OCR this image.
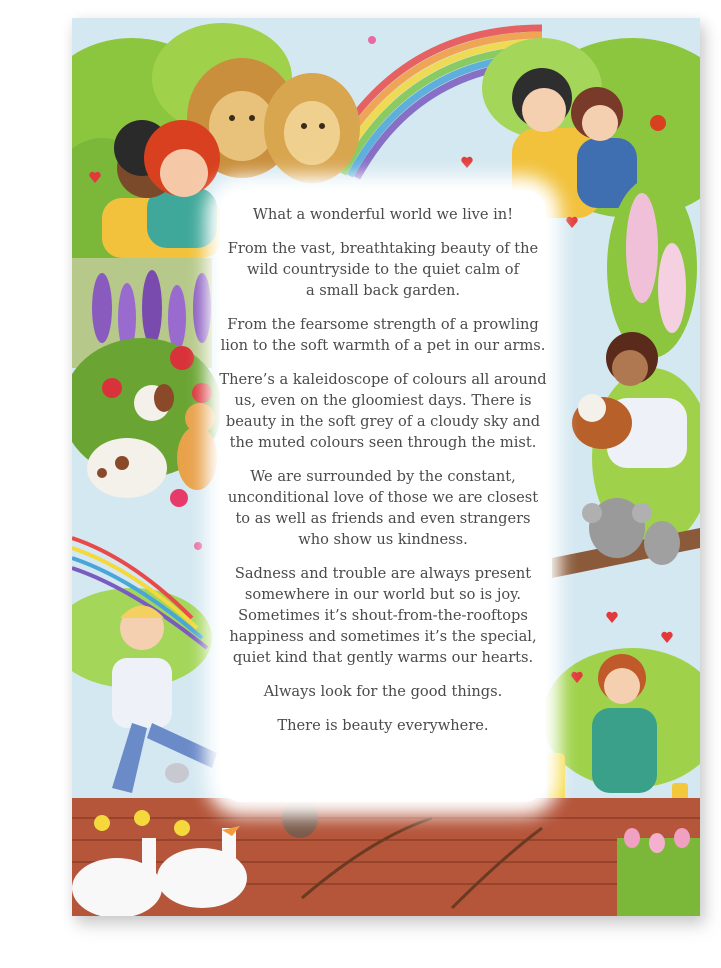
What a wonderful world we live in!

From the vast, breathtaking beauty of the
wild countryside to the quiet calm of
a small back garden.

From the fearsome strength of a prowling
lion to the soft warmth of a pet in our arms.

There’s a kaleidoscope of colours all around
us, even on the gloomiest days. There is
beauty in the soft grey of a cloudy sky and
the muted colours seen through the mist.

We are surrounded by the constant,
unconditional love of those we are closest
to as well as friends and even strangers
who show us kindness.

Sadness and trouble are always present
somewhere in our world but so is joy.
Sometimes it’s shout-from-the-rooftops
happiness and sometimes it’s the special,
quiet kind that gently warms our hearts.

Always look for the good things.

There is beauty everywhere.
